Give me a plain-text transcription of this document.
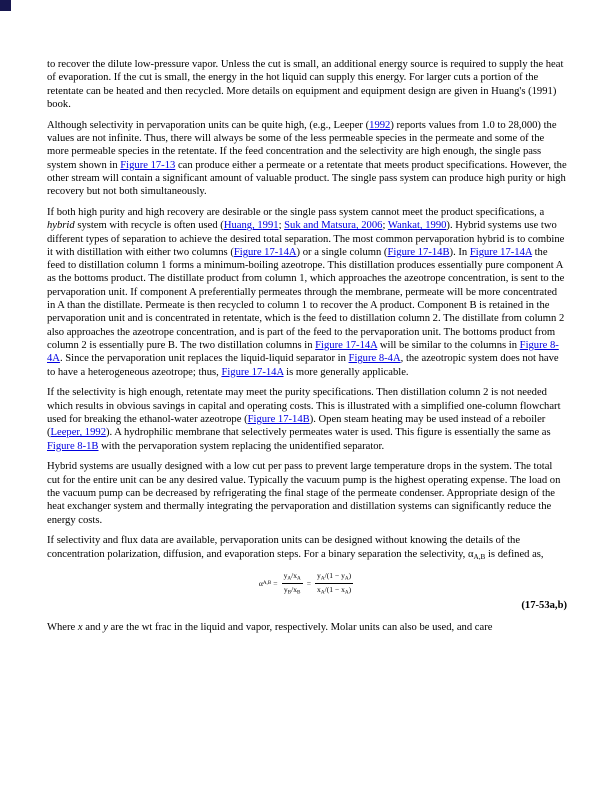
to recover the dilute low-pressure vapor. Unless the cut is small, an additional energy source is required to supply the heat of evaporation. If the cut is small, the energy in the hot liquid can supply this energy. For larger cuts a portion of the retentate can be heated and then recycled. More details on equipment and equipment design are given in Huang's (1991) book.

Although selectivity in pervaporation units can be quite high, (e.g., Leeper (1992) reports values from 1.0 to 28,000) the values are not infinite. Thus, there will always be some of the less permeable species in the permeate and some of the more permeable species in the retentate. If the feed concentration and the selectivity are high enough, the single pass system shown in Figure 17-13 can produce either a permeate or a retentate that meets product specifications. However, the other stream will contain a significant amount of valuable product. The single pass system can produce high purity or high recovery but not both simultaneously.

If both high purity and high recovery are desirable or the single pass system cannot meet the product specifications, a hybrid system with recycle is often used (Huang, 1991; Suk and Matsura, 2006; Wankat, 1990). Hybrid systems use two different types of separation to achieve the desired total separation. The most common pervaporation hybrid is to combine it with distillation with either two columns (Figure 17-14A) or a single column (Figure 17-14B). In Figure 17-14A the feed to distillation column 1 forms a minimum-boiling azeotrope. This distillation produces essentially pure component A as the bottoms product. The distillate product from column 1, which approaches the azeotrope concentration, is sent to the pervaporation unit. If component A preferentially permeates through the membrane, permeate will be more concentrated in A than the distillate. Permeate is then recycled to column 1 to recover the A product. Component B is retained in the pervaporation unit and is concentrated in retentate, which is the feed to distillation column 2. The distillate from column 2 also approaches the azeotrope concentration, and is part of the feed to the pervaporation unit. The bottoms product from column 2 is essentially pure B. The two distillation columns in Figure 17-14A will be similar to the columns in Figure 8-4A. Since the pervaporation unit replaces the liquid-liquid separator in Figure 8-4A, the azeotropic system does not have to have a heterogeneous azeotrope; thus, Figure 17-14A is more generally applicable.

If the selectivity is high enough, retentate may meet the purity specifications. Then distillation column 2 is not needed which results in obvious savings in capital and operating costs. This is illustrated with a simplified one-column flowchart used for breaking the ethanol-water azeotrope (Figure 17-14B). Open steam heating may be used instead of a reboiler (Leeper, 1992). A hydrophilic membrane that selectively permeates water is used. This figure is essentially the same as Figure 8-1B with the pervaporation system replacing the unidentified separator.

Hybrid systems are usually designed with a low cut per pass to prevent large temperature drops in the system. The total cut for the entire unit can be any desired value. Typically the vacuum pump is the highest operating expense. The load on the vacuum pump can be decreased by refrigerating the final stage of the permeate condenser. Appropriate design of the heat exchanger system and thermally integrating the pervaporation and distillation systems can significantly reduce the energy costs.

If selectivity and flux data are available, pervaporation units can be designed without knowing the details of the concentration polarization, diffusion, and evaporation steps. For a binary separation the selectivity, $\alpha_{A,B}$ is defined as,

α $A,B = \frac{y_A/x_A}{y_B/x_B} = \frac{y_A/(1 - y_A)}{x_A/(1 - x_A)}$
(17-53a,b)

Where x and y are the wt frac in the liquid and vapor, respectively. Molar units can also be used, and care
